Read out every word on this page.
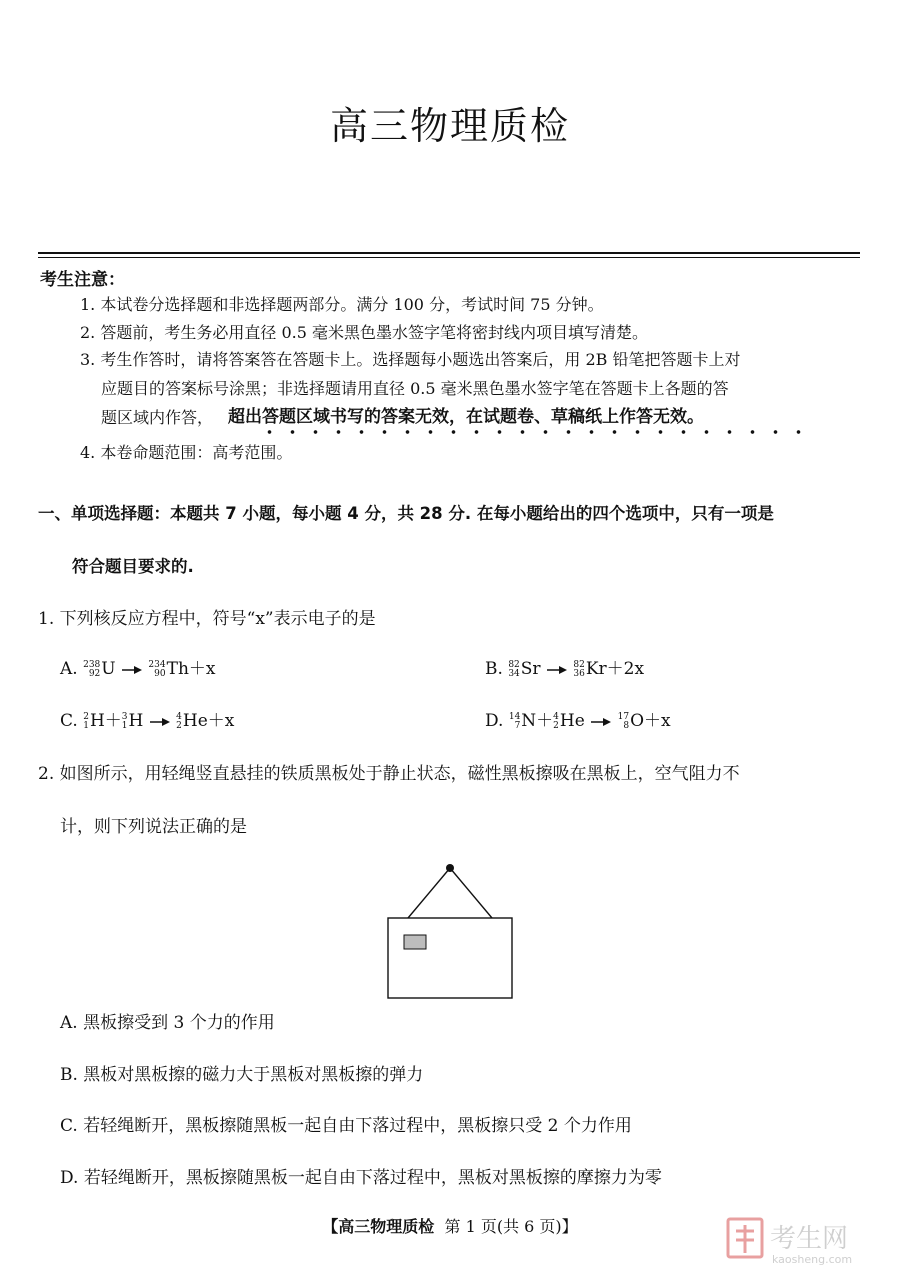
高三物理质检
考生注意：
1. 本试卷分选择题和非选择题两部分。满分 100 分，考试时间 75 分钟。
2. 答题前，考生务必用直径 0.5 毫米黑色墨水签字笔将密封线内项目填写清楚。
3. 考生作答时，请将答案答在答题卡上。选择题每小题选出答案后，用 2B 铅笔把答题卡上对
应题目的答案标号涂黑；非选择题请用直径 0.5 毫米黑色墨水签字笔在答题卡上各题的答
题区域内作答， 超出答题区域书写的答案无效，在试题卷、草稿纸上作答无效。
4. 本卷命题范围：高考范围。
一、单项选择题：本题共 7 小题，每小题 4 分，共 28 分. 在每小题给出的四个选项中，只有一项是
符合题目要求的.
1. 下列核反应方程中，符号“x”表示电子的是
A. 238
92 U → 234
90 Th＋x	B. 82
34 Sr → 82
36 Kr＋2x
C. 2
1 H＋ 3
1 H → 4
2 He＋x	D. 14
7 N＋ 4
2 He → 17
8 O＋x
2. 如图所示，用轻绳竖直悬挂的铁质黑板处于静止状态，磁性黑板擦吸在黑板上，空气阻力不
计，则下列说法正确的是
A. 黑板擦受到 3 个力的作用
B. 黑板对黑板擦的磁力大于黑板对黑板擦的弹力
C. 若轻绳断开，黑板擦随黑板一起自由下落过程中，黑板擦只受 2 个力作用
D. 若轻绳断开，黑板擦随黑板一起自由下落过程中，黑板对黑板擦的摩擦力为零
【高三物理质检 第 1 页(共 6 页)】	考生网
kaosheng.com
